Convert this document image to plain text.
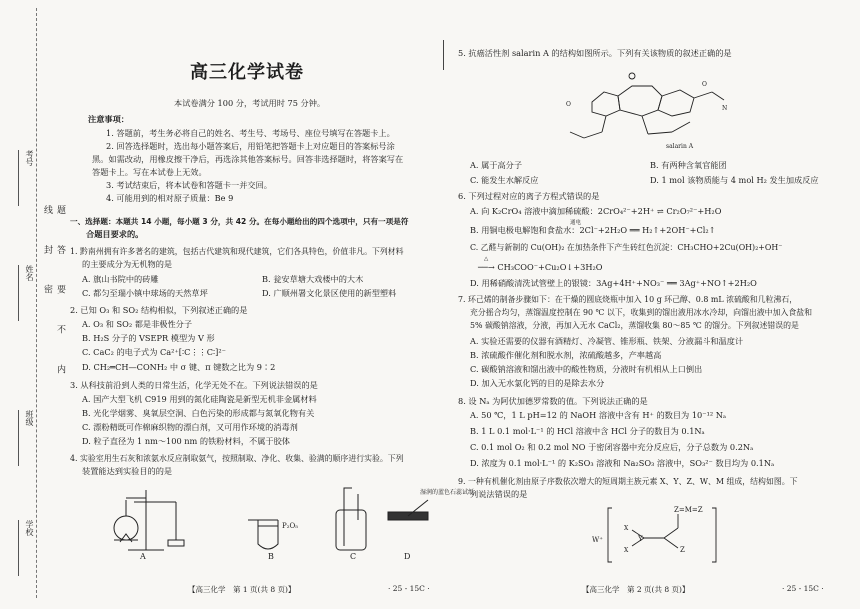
考号
姓名
班级
学校
题 答 要 不 内 线 封 密
高三化学试卷
本试卷满分 100 分，考试用时 75 分钟。
注意事项：
1. 答题前，考生务必将自己的姓名、考生号、考场号、座位号填写在答题卡上。
2. 回答选择题时，选出每小题答案后，用铅笔把答题卡上对应题目的答案标号涂
黑。如需改动，用橡皮擦干净后，再选涂其他答案标号。回答非选择题时，将答案写在
答题卡上。写在本试卷上无效。
3. 考试结束后，将本试卷和答题卡一并交回。
4. 可能用到的相对原子质量：Be 9
一、选择题：本题共 14 小题，每小题 3 分，共 42 分。在每小题给出的四个选项中，只有一项是符
合题目要求的。
1. 黔南州拥有许多著名的建筑，包括古代建筑和现代建筑，它们各具特色，价值非凡。下列材料
的主要成分为无机物的是
A. 旗山书院中的砖雕	B. 瓮安草塘大戏楼中的大木
C. 都匀至瑞小镇中球场的天然草坪	D. 广顺州署文化景区使用的新型塑料
2. 已知 O₃ 和 SO₂ 结构相似，下列叙述正确的是
A. O₃ 和 SO₂ 都是非极性分子
B. H₂S 分子的 VSEPR 模型为 V 形
C. CaC₂ 的电子式为 Ca²⁺[∶C⋮⋮C∶]²⁻
D. CH₂═CH—CONH₂ 中 σ 键、π 键数之比为 9∶2
3. 从科技前沿到人类的日常生活，化学无处不在。下列说法错误的是
A. 国产大型飞机 C919 用到的氮化硅陶瓷是新型无机非金属材料
B. 光化学烟雾、臭氧层空洞、白色污染的形成都与氮氧化物有关
C. 漂粉精既可作棉麻织物的漂白剂，又可用作环境的消毒剂
D. 粒子直径为 1 nm～100 nm 的铁粉材料，不属于胶体
4. 实验室用生石灰和浓氨水反应制取氨气，按照制取、净化、收集、验满的顺序进行实验。下列
装置能达到实验目的的是
P₂O₅
湿润的蓝色石蕊试纸
A	B	C	D
【高三化学　第 1 页(共 8 页)】	· 25 - 15C ·
5. 抗癌活性剂 salarin A 的结构如图所示。下列有关该物质的叙述正确的是
O
O
N
salarin A
A. 属于高分子	B. 有两种含氧官能团
C. 能发生水解反应	D. 1 mol 该物质能与 4 mol H₂ 发生加成反应
6. 下列过程对应的离子方程式错误的是
A. 向 K₂CrO₄ 溶液中滴加稀硫酸：2CrO₄²⁻+2H⁺ ⇌ Cr₂O₇²⁻+H₂O
通电
B. 用铜电极电解饱和食盐水：2Cl⁻+2H₂O ══ H₂↑+2OH⁻+Cl₂↑
C. 乙醛与新制的 Cu(OH)₂ 在加热条件下产生砖红色沉淀：CH₃CHO+2Cu(OH)₂+OH⁻
△
──→ CH₃COO⁻+Cu₂O↓+3H₂O
D. 用稀硝酸清洗试管壁上的银镜：3Ag+4H⁺+NO₃⁻ ══ 3Ag⁺+NO↑+2H₂O
7. 环己烯的制备步骤如下：在干燥的圆底烧瓶中加入 10 g 环己醇、0.8 mL 浓硫酸和几粒沸石，
充分摇合均匀，蒸馏温度控制在 90 ℃ 以下，收集到的馏出液用冰水冷却，向馏出液中加入食盐和
5% 碳酸钠溶液，分液，再加入无水 CaCl₂，蒸馏收集 80～85 ℃ 的馏分。下列叙述错误的是
A. 实验还需要的仪器有酒精灯、冷凝管、锥形瓶、铁架、分液漏斗和温度计
B. 浓硫酸作催化剂和脱水剂，浓硫酸越多，产率越高
C. 碳酸钠溶液和馏出液中的酸性物质，分液时有机相从上口倒出
D. 加入无水氯化钙的目的是除去水分
8. 设 Nₐ 为阿伏加德罗常数的值。下列说法正确的是
A. 50 ℃，1 L pH=12 的 NaOH 溶液中含有 H⁺ 的数目为 10⁻¹² Nₐ
B. 1 L 0.1 mol·L⁻¹ 的 HCl 溶液中含 HCl 分子的数目为 0.1Nₐ
C. 0.1 mol O₂ 和 0.2 mol NO 于密闭容器中充分反应后，分子总数为 0.2Nₐ
D. 浓度为 0.1 mol·L⁻¹ 的 K₂SO₃ 溶液和 Na₂SO₃ 溶液中，SO₃²⁻ 数目均为 0.1Nₐ
9. 一种有机催化剂由原子序数依次增大的短周期主族元素 X、Y、Z、W、M 组成，结构如图。下
列说法错误的是
W⁺	Y
Z=M=Z
Z
X
X
【高三化学　第 2 页(共 8 页)】	· 25 - 15C ·
